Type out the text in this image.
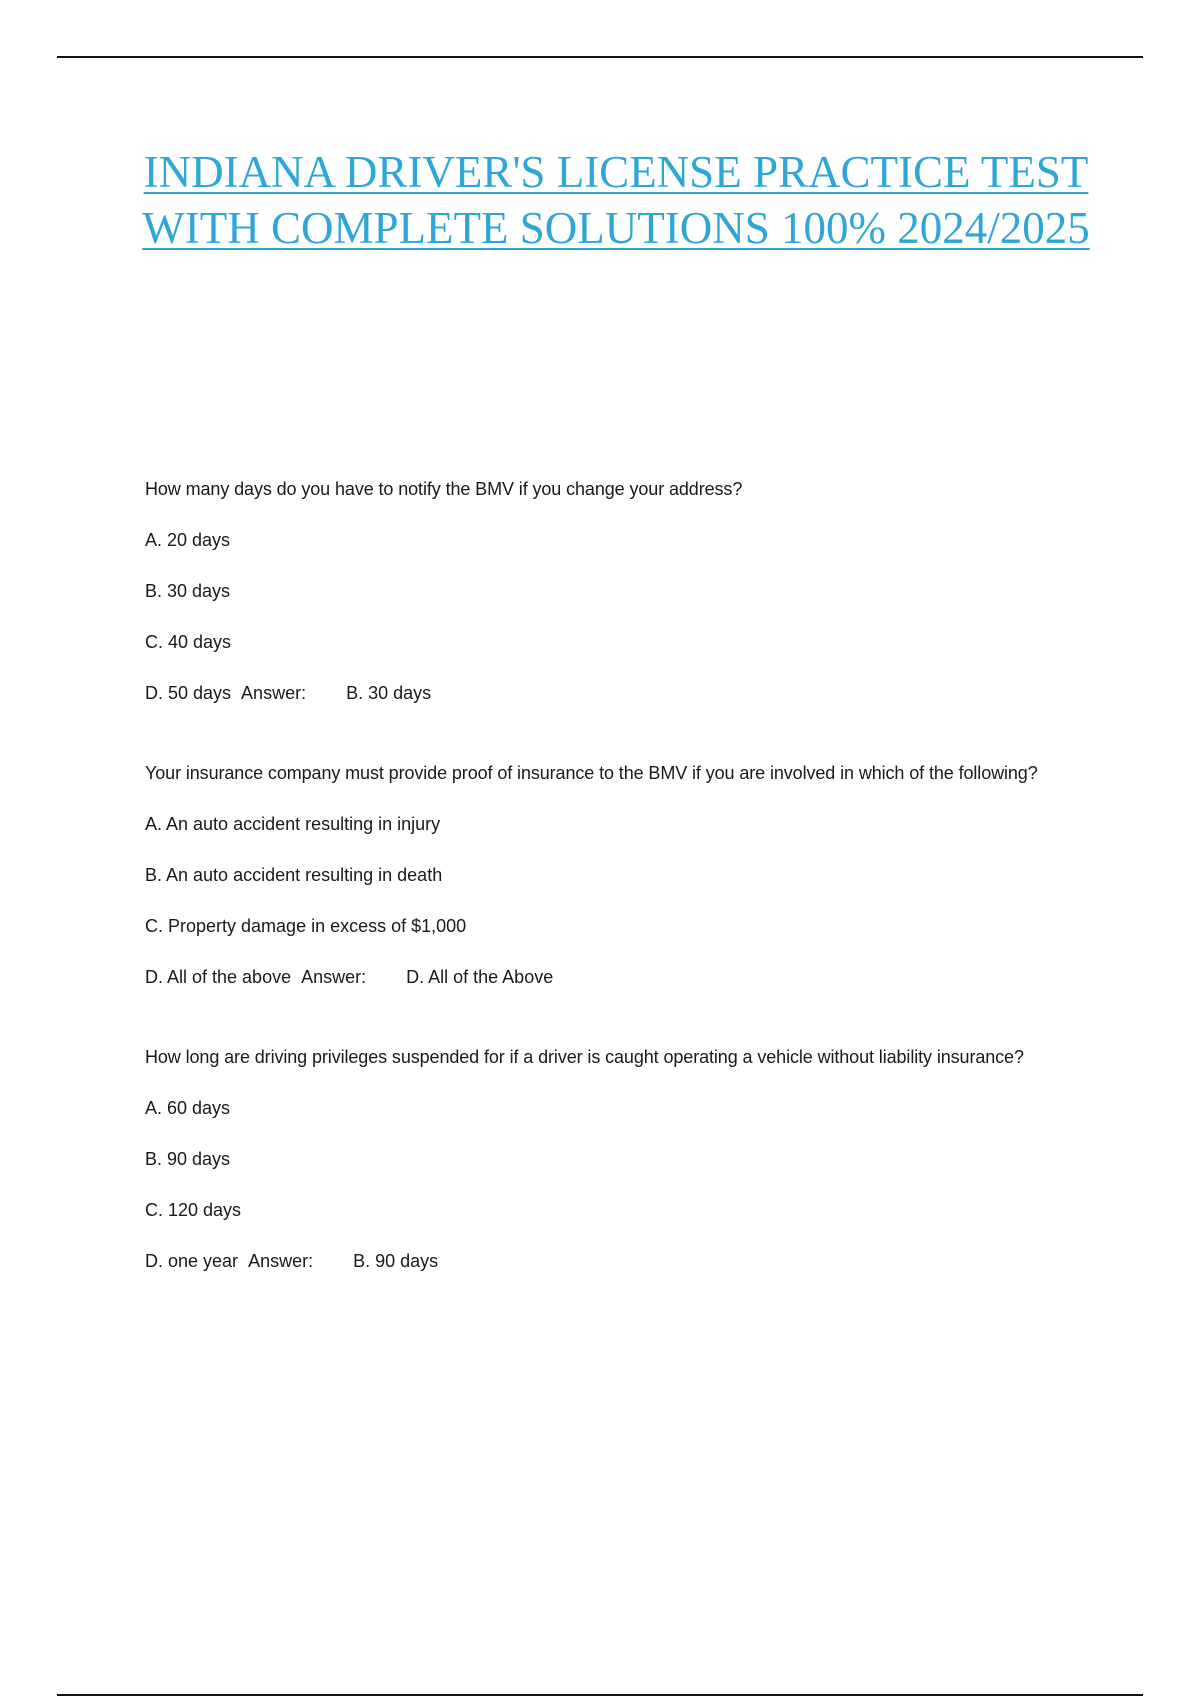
INDIANA DRIVER'S LICENSE PRACTICE TEST WITH COMPLETE SOLUTIONS 100% 2024/2025

How many days do you have to notify the BMV if you change your address?

A. 20 days
B. 30 days
C. 40 days
D. 50 days Answer: B. 30 days

Your insurance company must provide proof of insurance to the BMV if you are involved in which of the following?

A. An auto accident resulting in injury
B. An auto accident resulting in death
C. Property damage in excess of $1,000
D. All of the above Answer: D. All of the Above

How long are driving privileges suspended for if a driver is caught operating a vehicle without liability insurance?

A. 60 days
B. 90 days
C. 120 days
D. one year Answer: B. 90 days
